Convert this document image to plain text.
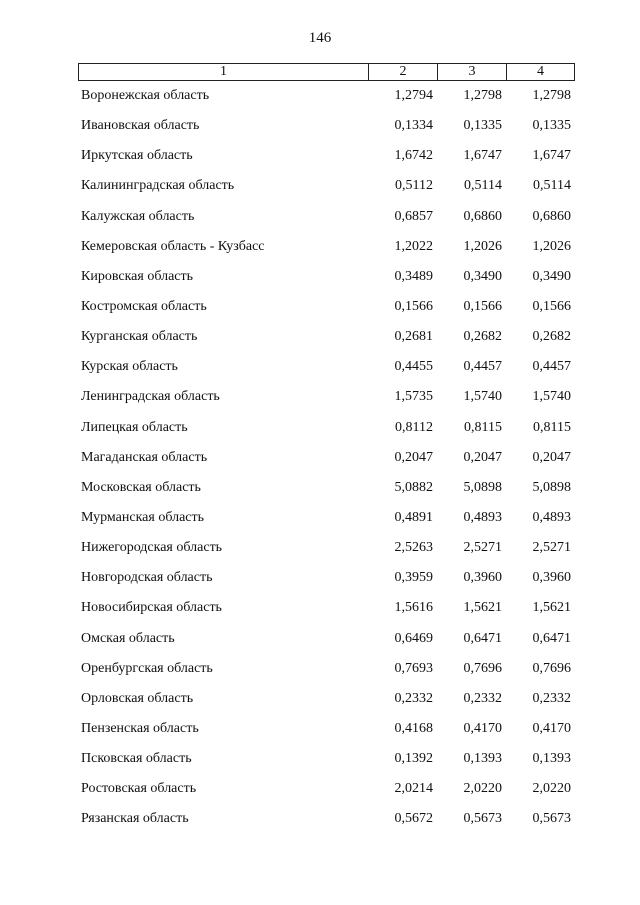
146
1	2	3	4
Воронежская область	1,2794	1,2798	1,2798
Ивановская область	0,1334	0,1335	0,1335
Иркутская область	1,6742	1,6747	1,6747
Калининградская область	0,5112	0,5114	0,5114
Калужская область	0,6857	0,6860	0,6860
Кемеровская область - Кузбасс	1,2022	1,2026	1,2026
Кировская область	0,3489	0,3490	0,3490
Костромская область	0,1566	0,1566	0,1566
Курганская область	0,2681	0,2682	0,2682
Курская область	0,4455	0,4457	0,4457
Ленинградская область	1,5735	1,5740	1,5740
Липецкая область	0,8112	0,8115	0,8115
Магаданская область	0,2047	0,2047	0,2047
Московская область	5,0882	5,0898	5,0898
Мурманская область	0,4891	0,4893	0,4893
Нижегородская область	2,5263	2,5271	2,5271
Новгородская область	0,3959	0,3960	0,3960
Новосибирская область	1,5616	1,5621	1,5621
Омская область	0,6469	0,6471	0,6471
Оренбургская область	0,7693	0,7696	0,7696
Орловская область	0,2332	0,2332	0,2332
Пензенская область	0,4168	0,4170	0,4170
Псковская область	0,1392	0,1393	0,1393
Ростовская область	2,0214	2,0220	2,0220
Рязанская область	0,5672	0,5673	0,5673
